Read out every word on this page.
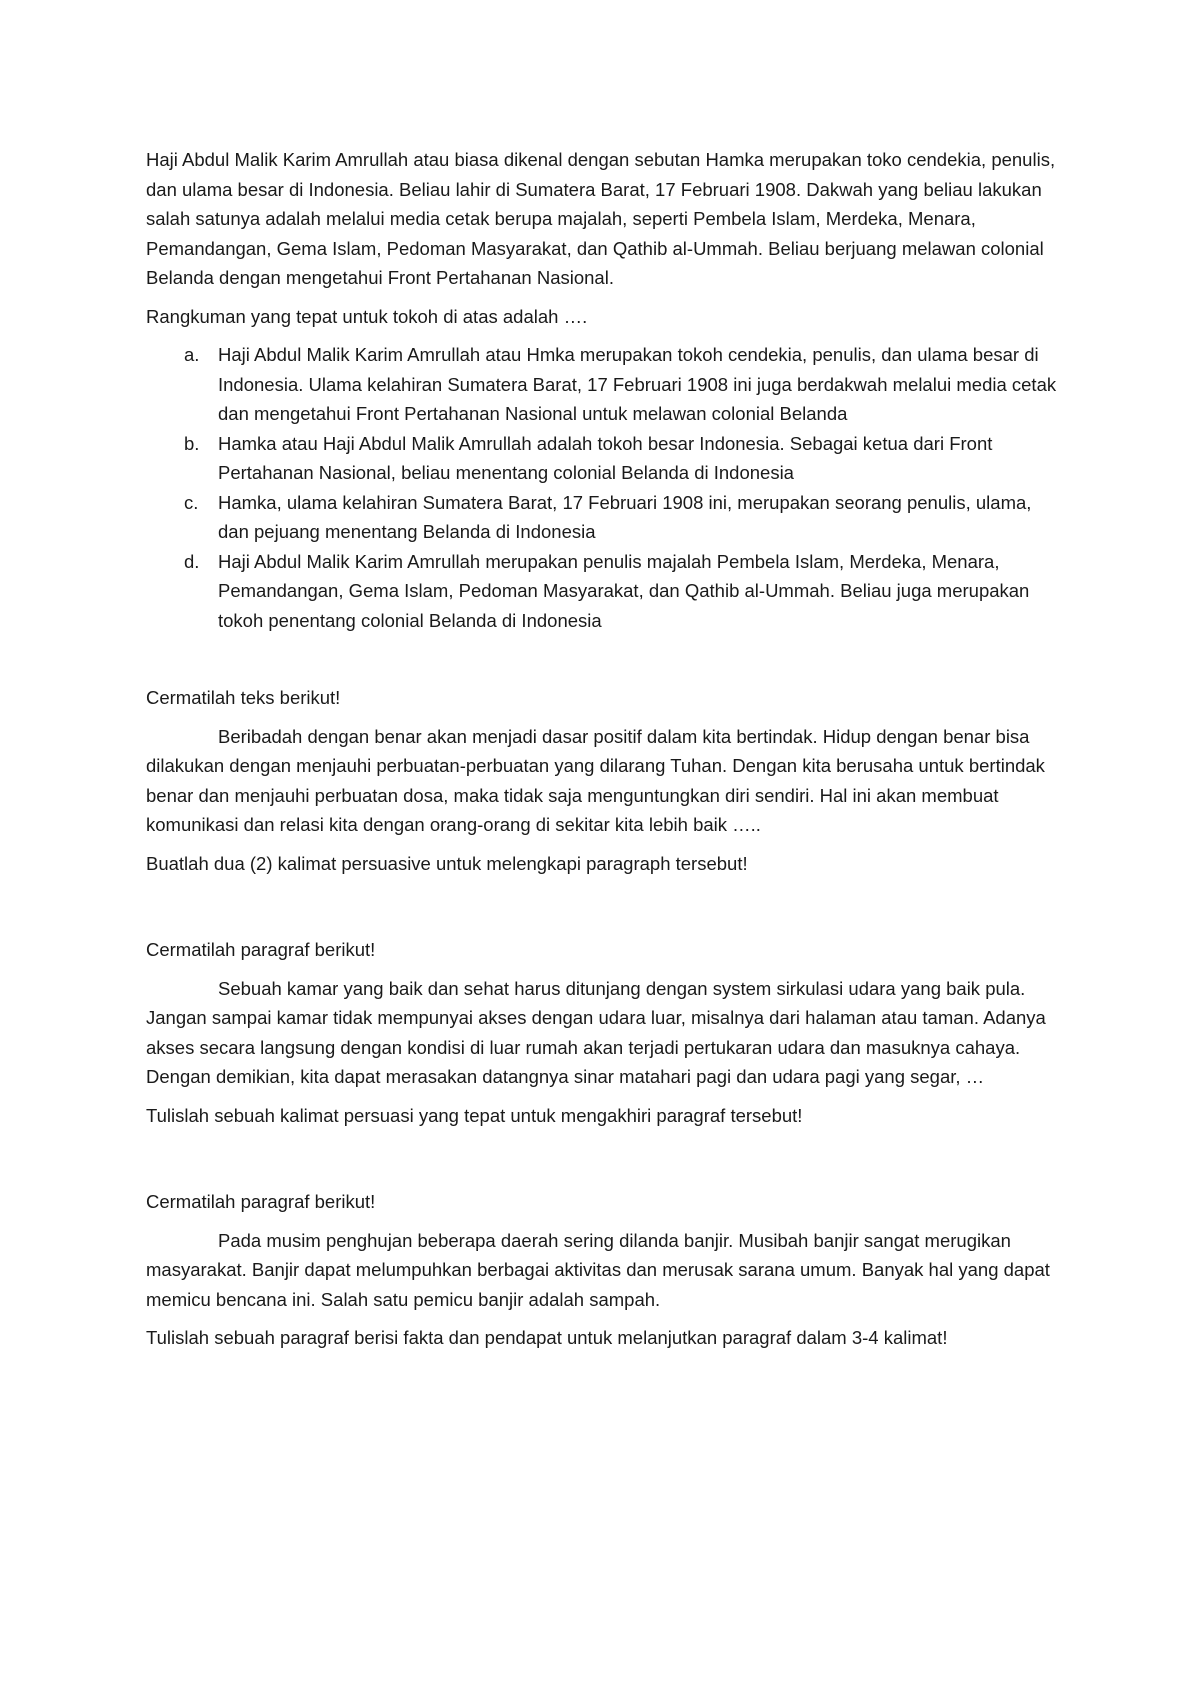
Haji Abdul Malik Karim Amrullah atau biasa dikenal dengan sebutan Hamka merupakan toko cendekia, penulis, dan ulama besar di Indonesia. Beliau lahir di Sumatera Barat, 17 Februari 1908. Dakwah yang beliau lakukan salah satunya adalah melalui media cetak berupa majalah, seperti Pembela Islam, Merdeka, Menara, Pemandangan, Gema Islam, Pedoman Masyarakat, dan Qathib al-Ummah. Beliau berjuang melawan colonial Belanda dengan mengetahui Front Pertahanan Nasional.

Rangkuman yang tepat untuk tokoh di atas adalah ….

a. Haji Abdul Malik Karim Amrullah atau Hmka merupakan tokoh cendekia, penulis, dan ulama besar di Indonesia. Ulama kelahiran Sumatera Barat, 17 Februari 1908 ini juga berdakwah melalui media cetak dan mengetahui Front Pertahanan Nasional untuk melawan colonial Belanda
b. Hamka atau Haji Abdul Malik Amrullah adalah tokoh besar Indonesia. Sebagai ketua dari Front Pertahanan Nasional, beliau menentang colonial Belanda di Indonesia
c. Hamka, ulama kelahiran Sumatera Barat, 17 Februari 1908 ini, merupakan seorang penulis, ulama, dan pejuang menentang Belanda di Indonesia
d. Haji Abdul Malik Karim Amrullah merupakan penulis majalah Pembela Islam, Merdeka, Menara, Pemandangan, Gema Islam, Pedoman Masyarakat, dan Qathib al-Ummah. Beliau juga merupakan tokoh penentang colonial Belanda di Indonesia

Cermatilah teks berikut!

Beribadah dengan benar akan menjadi dasar positif dalam kita bertindak. Hidup dengan benar bisa dilakukan dengan menjauhi perbuatan-perbuatan yang dilarang Tuhan. Dengan kita berusaha untuk bertindak benar dan menjauhi perbuatan dosa, maka tidak saja menguntungkan diri sendiri. Hal ini akan membuat komunikasi dan relasi kita dengan orang-orang di sekitar kita lebih baik …..

Buatlah dua (2) kalimat persuasive untuk melengkapi paragraph tersebut!

Cermatilah paragraf berikut!

Sebuah kamar yang baik dan sehat harus ditunjang dengan system sirkulasi udara yang baik pula. Jangan sampai kamar tidak mempunyai akses dengan udara luar, misalnya dari halaman atau taman. Adanya akses secara langsung dengan kondisi di luar rumah akan terjadi pertukaran udara dan masuknya cahaya. Dengan demikian, kita dapat merasakan datangnya sinar matahari pagi dan udara pagi yang segar, …

Tulislah sebuah kalimat persuasi yang tepat untuk mengakhiri paragraf tersebut!

Cermatilah paragraf berikut!

Pada musim penghujan beberapa daerah sering dilanda banjir. Musibah banjir sangat merugikan masyarakat. Banjir dapat melumpuhkan berbagai aktivitas dan merusak sarana umum. Banyak hal yang dapat memicu bencana ini. Salah satu pemicu banjir adalah sampah.

Tulislah sebuah paragraf berisi fakta dan pendapat untuk melanjutkan paragraf dalam 3-4 kalimat!
